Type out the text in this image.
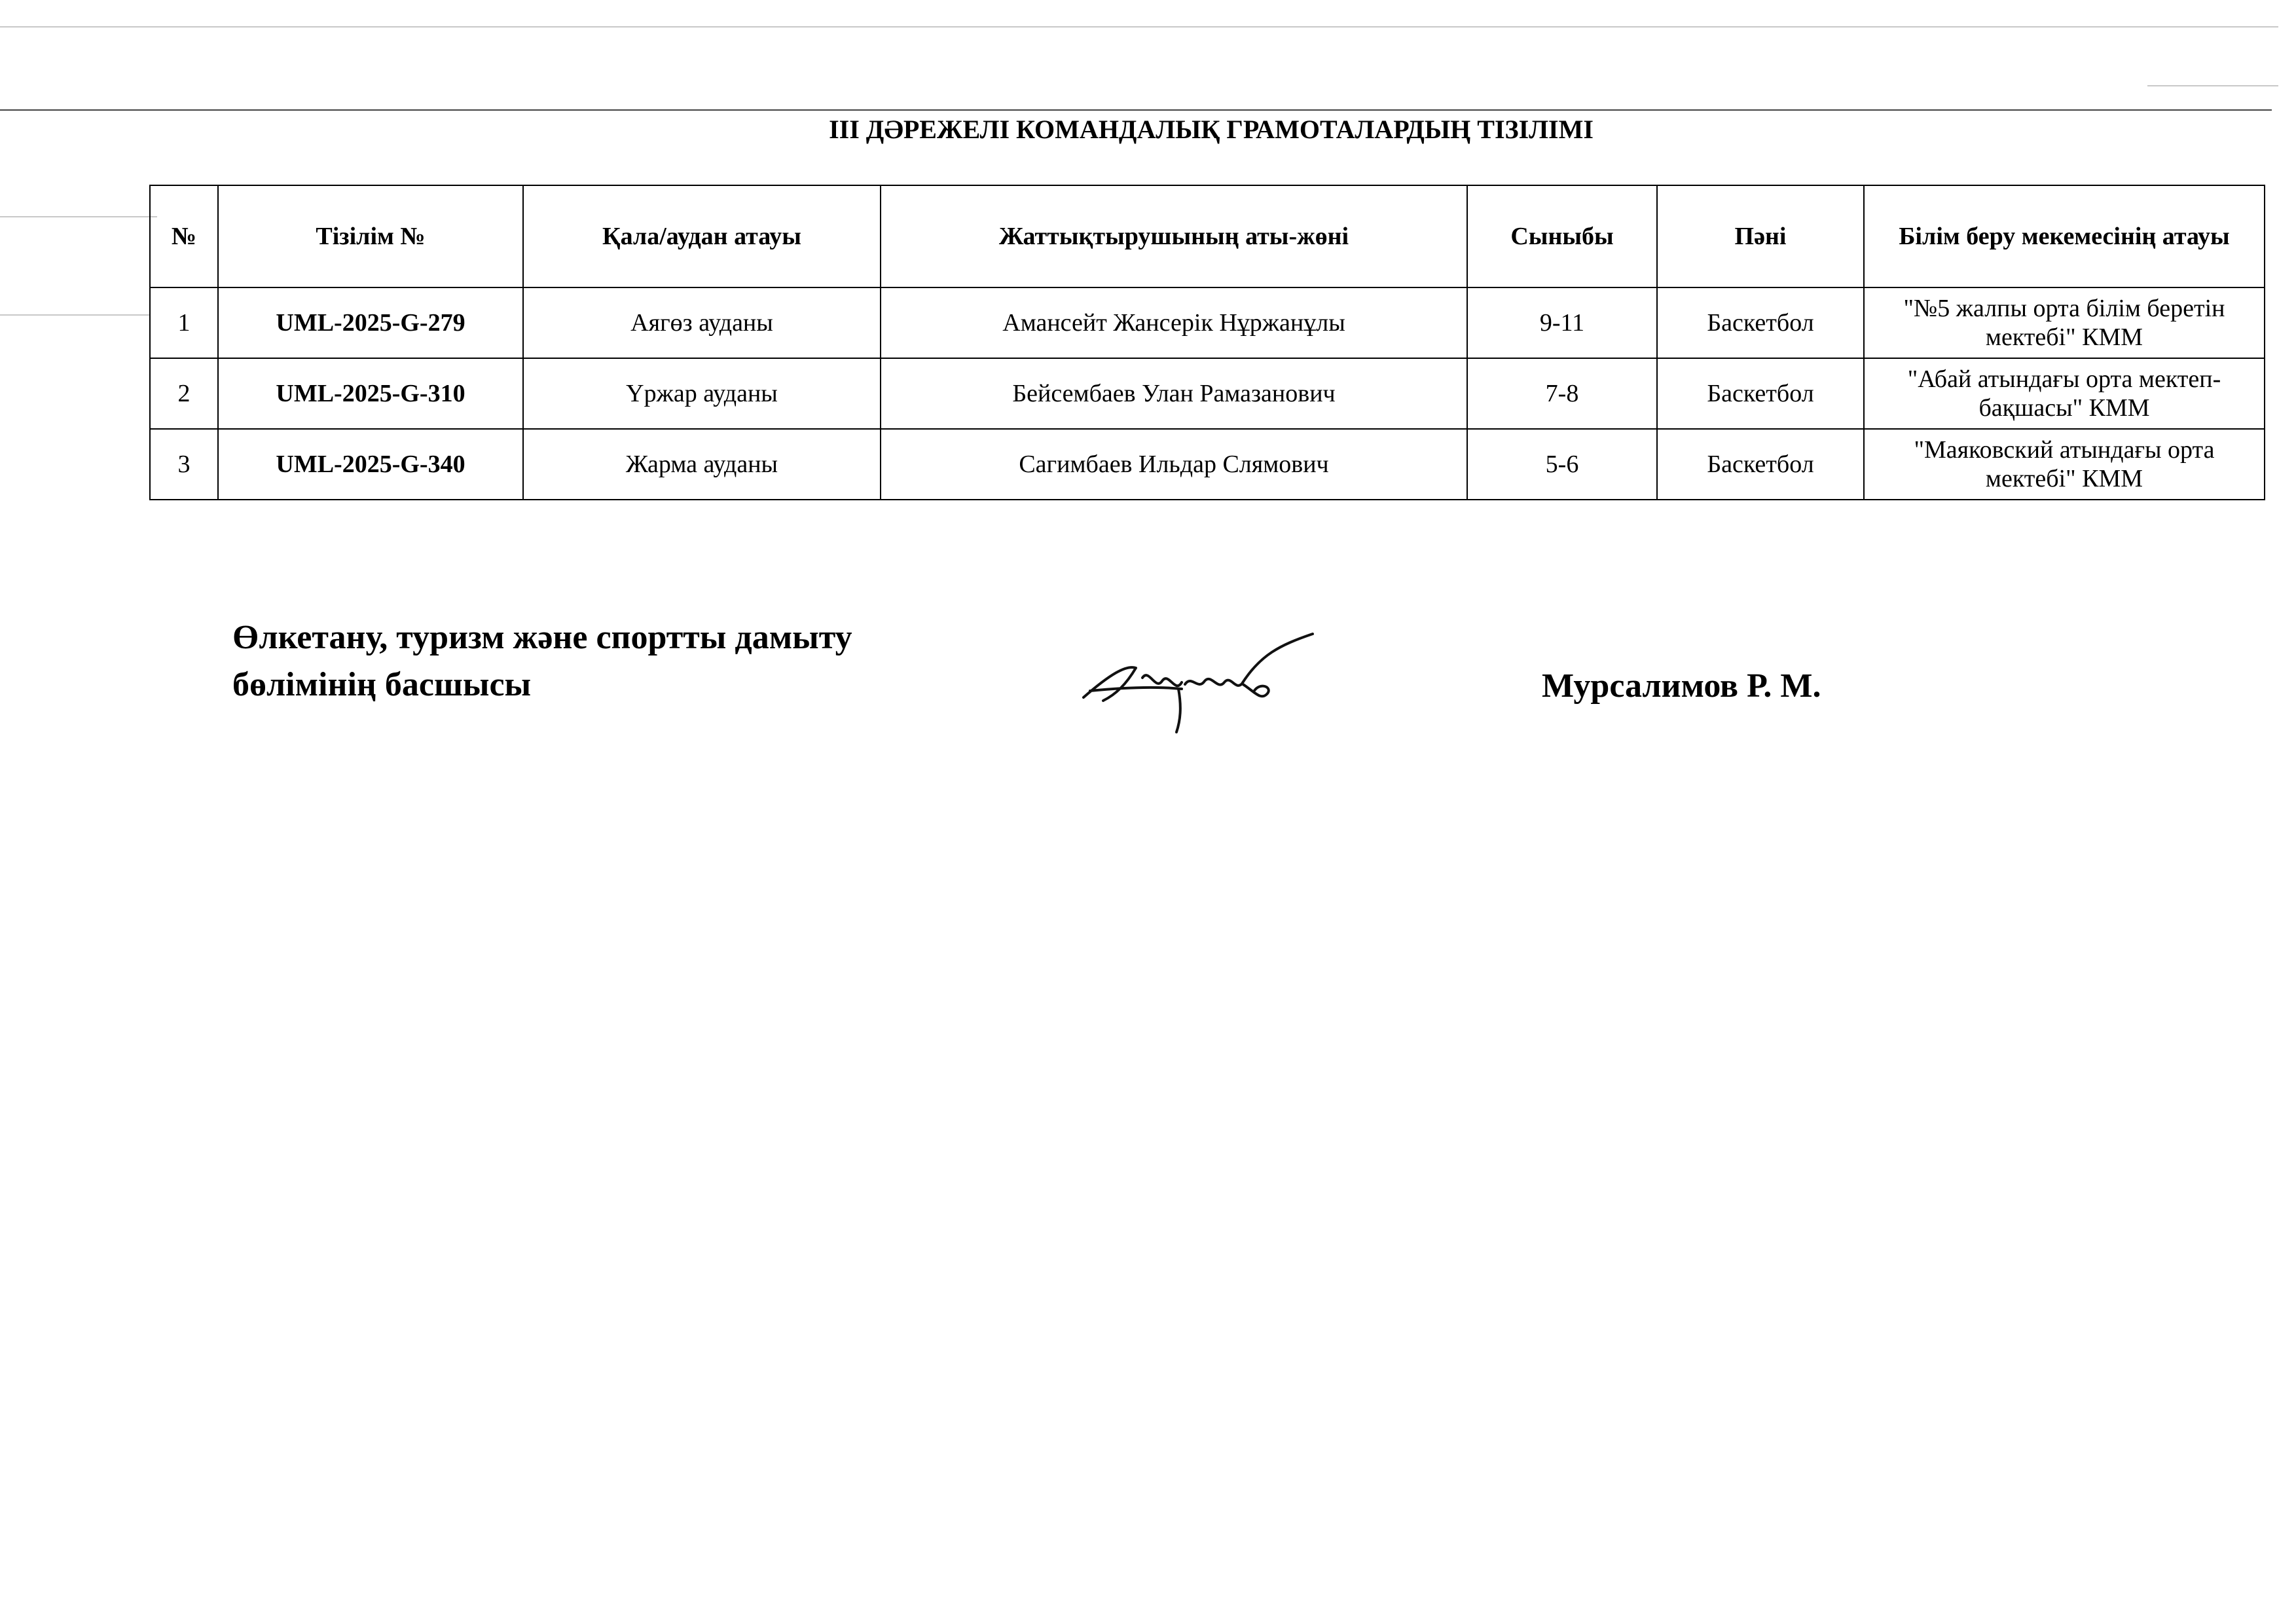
III ДӘРЕЖЕЛІ КОМАНДАЛЫҚ ГРАМОТАЛАРДЫҢ ТІЗІЛІМІ
№	Тізілім №	Қала/аудан атауы	Жаттықтырушының аты-жөні	Сыныбы	Пәні	Білім беру мекемесінің атауы
1	UML-2025-G-279	Аягөз ауданы	Амансейт Жансерік Нұржанұлы	9-11	Баскетбол	"№5 жалпы орта білім беретін мектебі" КММ
2	UML-2025-G-310	Үржар ауданы	Бейсембаев Улан Рамазанович	7-8	Баскетбол	"Абай атындағы орта мектеп-бақшасы" КММ
3	UML-2025-G-340	Жарма ауданы	Сагимбаев Ильдар Слямович	5-6	Баскетбол	"Маяковский атындағы орта мектебі" КММ
Өлкетану, туризм және спортты дамыту
бөлімінің басшысы	Мурсалимов Р. М.
